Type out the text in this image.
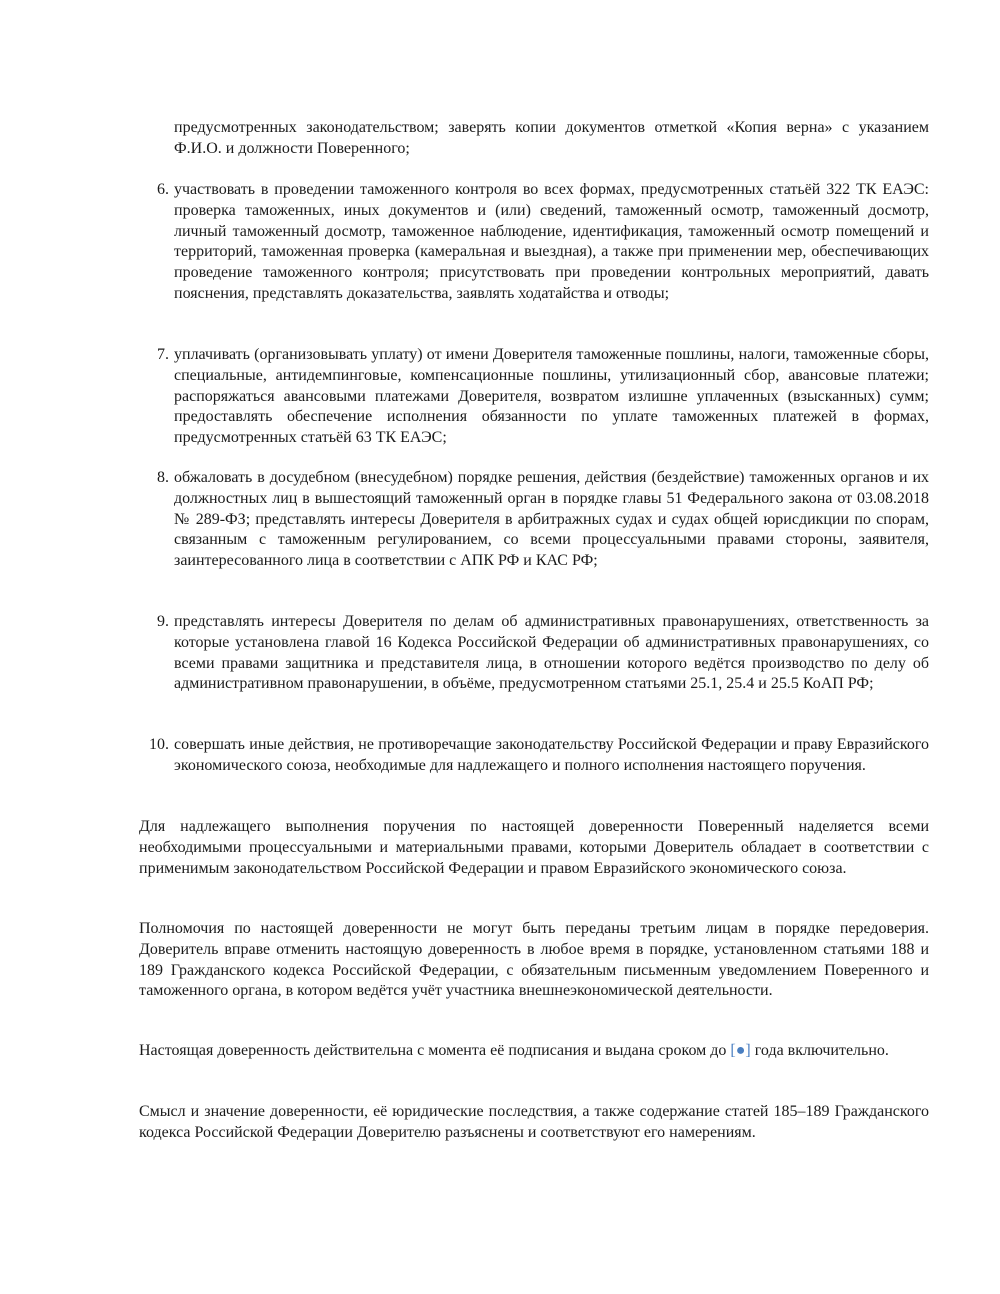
предусмотренных законодательством; заверять копии документов отметкой «Копия верна» с указанием Ф.И.О. и должности Поверенного;

6. участвовать в проведении таможенного контроля во всех формах, предусмотренных статьёй 322 ТК ЕАЭС: проверка таможенных, иных документов и (или) сведений, таможенный осмотр, таможенный досмотр, личный таможенный досмотр, таможенное наблюдение, идентификация, таможенный осмотр помещений и территорий, таможенная проверка (камеральная и выездная), а также при применении мер, обеспечивающих проведение таможенного контроля; присутствовать при проведении контрольных мероприятий, давать пояснения, представлять доказательства, заявлять ходатайства и отводы;
7. уплачивать (организовывать уплату) от имени Доверителя таможенные пошлины, налоги, таможенные сборы, специальные, антидемпинговые, компенсационные пошлины, утилизационный сбор, авансовые платежи; распоряжаться авансовыми платежами Доверителя, возвратом излишне уплаченных (взысканных) сумм; предоставлять обеспечение исполнения обязанности по уплате таможенных платежей в формах, предусмотренных статьёй 63 ТК ЕАЭС;
8. обжаловать в досудебном (внесудебном) порядке решения, действия (бездействие) таможенных органов и их должностных лиц в вышестоящий таможенный орган в порядке главы 51 Федерального закона от 03.08.2018 № 289-ФЗ; представлять интересы Доверителя в арбитражных судах и судах общей юрисдикции по спорам, связанным с таможенным регулированием, со всеми процессуальными правами стороны, заявителя, заинтересованного лица в соответствии с АПК РФ и КАС РФ;
9. представлять интересы Доверителя по делам об административных правонарушениях, ответственность за которые установлена главой 16 Кодекса Российской Федерации об административных правонарушениях, со всеми правами защитника и представителя лица, в отношении которого ведётся производство по делу об административном правонарушении, в объёме, предусмотренном статьями 25.1, 25.4 и 25.5 КоАП РФ;
10. совершать иные действия, не противоречащие законодательству Российской Федерации и праву Евразийского экономического союза, необходимые для надлежащего и полного исполнения настоящего поручения.

Для надлежащего выполнения поручения по настоящей доверенности Поверенный наделяется всеми необходимыми процессуальными и материальными правами, которыми Доверитель обладает в соответствии с применимым законодательством Российской Федерации и правом Евразийского экономического союза.

Полномочия по настоящей доверенности не могут быть переданы третьим лицам в порядке передоверия. Доверитель вправе отменить настоящую доверенность в любое время в порядке, установленном статьями 188 и 189 Гражданского кодекса Российской Федерации, с обязательным письменным уведомлением Поверенного и таможенного органа, в котором ведётся учёт участника внешнеэкономической деятельности.

Настоящая доверенность действительна с момента её подписания и выдана сроком до [●] года включительно.

Смысл и значение доверенности, её юридические последствия, а также содержание статей 185–189 Гражданского кодекса Российской Федерации Доверителю разъяснены и соответствуют его намерениям.
